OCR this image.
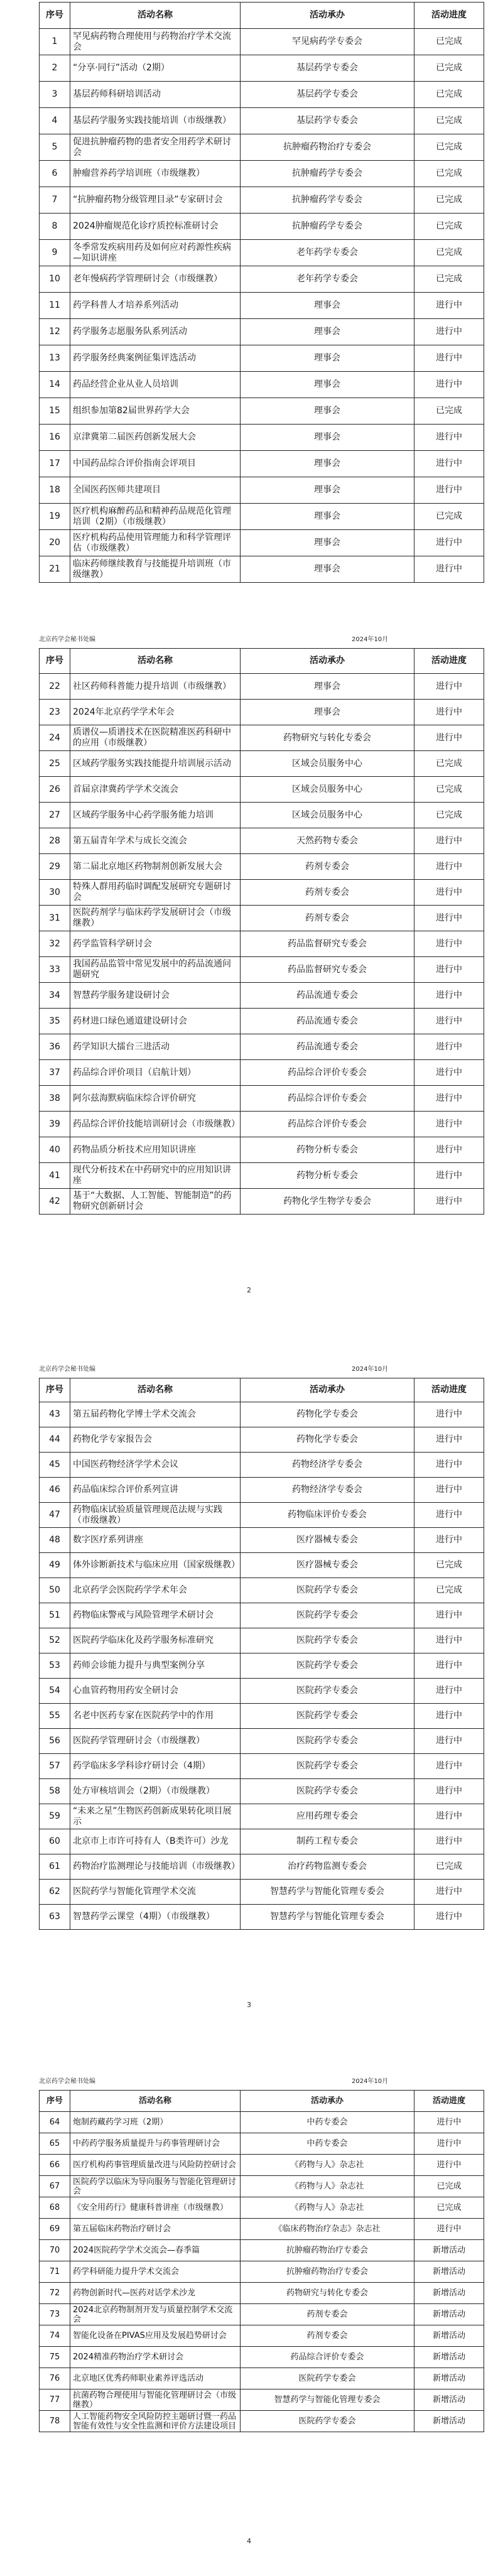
序号	活动名称	活动承办	活动进度
1	罕见病药物合理使用与药物治疗学术交流会	罕见病药学专委会	已完成
2	“分享·同行”活动（2期）	基层药学专委会	已完成
3	基层药师科研培训活动	基层药学专委会	已完成
4	基层药学服务实践技能培训（市级继教）	基层药学专委会	已完成
5	促进抗肿瘤药物的患者安全用药学术研讨会	抗肿瘤药物治疗专委会	已完成
6	肿瘤营养药学培训班（市级继教）	抗肿瘤药学专委会	已完成
7	“抗肿瘤药物分级管理目录”专家研讨会	抗肿瘤药学专委会	已完成
8	2024肿瘤规范化诊疗质控标准研讨会	抗肿瘤药学专委会	已完成
9	冬季常发疾病用药及如何应对药源性疾病—知识讲座	老年药学专委会	已完成
10	老年慢病药学管理研讨会（市级继教）	老年药学专委会	已完成
11	药学科普人才培养系列活动	理事会	进行中
12	药学服务志愿服务队系列活动	理事会	进行中
13	药学服务经典案例征集评选活动	理事会	进行中
14	药品经营企业从业人员培训	理事会	进行中
15	组织参加第82届世界药学大会	理事会	已完成
16	京津冀第二届医药创新发展大会	理事会	进行中
17	中国药品综合评价指南会评项目	理事会	进行中
18	全国医药医师共建项目	理事会	进行中
19	医疗机构麻醉药品和精神药品规范化管理培训（2期）（市级继教）	理事会	已完成
20	医疗机构药品使用管理能力和科学管理评估（市级继教）	理事会	进行中
21	临床药师继续教育与技能提升培训班（市级继教）	理事会	进行中
北京药学会秘书处编	2024年10月
序号	活动名称	活动承办	活动进度
22	社区药师科普能力提升培训（市级继教）	理事会	进行中
23	2024年北京药学学术年会	理事会	进行中
24	质谱仪—质谱技术在医院精准医药科研中的应用（市级继教）	药物研究与转化专委会	进行中
25	区域药学服务实践技能提升培训展示活动	区域会员服务中心	已完成
26	首届京津冀药学学术交流会	区域会员服务中心	已完成
27	区域药学服务中心药学服务能力培训	区域会员服务中心	已完成
28	第五届青年学术与成长交流会	天然药物专委会	进行中
29	第二届北京地区药物制剂创新发展大会	药剂专委会	进行中
30	特殊人群用药临时调配发展研究专题研讨会	药剂专委会	进行中
31	医院药剂学与临床药学发展研讨会（市级继教）	药剂专委会	进行中
32	药学监管科学研讨会	药品监督研究专委会	进行中
33	我国药品监管中常见发展中的药品流通问题研究	药品监督研究专委会	进行中
34	智慧药学服务建设研讨会	药品流通专委会	进行中
35	药材进口绿色通道建设研讨会	药品流通专委会	进行中
36	药学知识大擂台三进活动	药品流通专委会	进行中
37	药品综合评价项目（启航计划）	药品综合评价专委会	进行中
38	阿尔兹海默病临床综合评价研究	药品综合评价专委会	进行中
39	药品综合评价技能培训研讨会（市级继教）	药品综合评价专委会	进行中
40	药物品质分析技术应用知识讲座	药物分析专委会	进行中
41	现代分析技术在中药研究中的应用知识讲座	药物分析专委会	进行中
42	基于“大数据、人工智能、智能制造”的药物研究创新研讨会	药物化学生物学专委会	进行中
2
北京药学会秘书处编	2024年10月
序号	活动名称	活动承办	活动进度
43	第五届药物化学博士学术交流会	药物化学专委会	进行中
44	药物化学专家报告会	药物化学专委会	进行中
45	中国医药物经济学学术会议	药物经济学专委会	进行中
46	药品临床综合评价系列宣讲	药物经济学专委会	进行中
47	药物临床试验质量管理规范法规与实践（市级继教）	药物临床评价专委会	进行中
48	数字医疗系列讲座	医疗器械专委会	进行中
49	体外诊断新技术与临床应用（国家级继教）	医疗器械专委会	已完成
50	北京药学会医院药学学术年会	医院药学专委会	已完成
51	药物临床警戒与风险管理学术研讨会	医院药学专委会	进行中
52	医院药学临床化及药学服务标准研究	医院药学专委会	进行中
53	药师会诊能力提升与典型案例分享	医院药学专委会	进行中
54	心血管药物用药安全研讨会	医院药学专委会	进行中
55	名老中医药专家在医院药学中的作用	医院药学专委会	进行中
56	医院药学管理研讨会（市级继教）	医院药学专委会	进行中
57	药学临床多学科诊疗研讨会（4期）	医院药学专委会	进行中
58	处方审核培训会（2期）（市级继教）	医院药学专委会	进行中
59	“未来之星”生物医药创新成果转化项目展示	应用药理专委会	进行中
60	北京市上市许可持有人（B类许可）沙龙	制药工程专委会	进行中
61	药物治疗监测理论与技能培训（市级继教）	治疗药物监测专委会	已完成
62	医院药学与智能化管理学术交流	智慧药学与智能化管理专委会	进行中
63	智慧药学云课堂（4期）（市级继教）	智慧药学与智能化管理专委会	进行中
3
北京药学会秘书处编	2024年10月
序号	活动名称	活动承办	活动进度
64	炮制药藏药学习班（2期）	中药专委会	进行中
65	中药药学服务质量提升与药事管理研讨会	中药专委会	进行中
66	医疗机构药事管理质量改进与风险防控研讨会	《药物与人》杂志社	进行中
67	医院药学以临床为导向服务与智能化管理研讨会	《药物与人》杂志社	已完成
68	《安全用药行》健康科普讲座（市级继教）	《药物与人》杂志社	已完成
69	第五届临床药物治疗研讨会	《临床药物治疗杂志》杂志社	进行中
70	2024医院药学学术交流会—春季篇	抗肿瘤药物治疗专委会	新增活动
71	药学科研能力提升学术交流会	抗肿瘤药物治疗专委会	新增活动
72	药物创新时代—医药对话学术沙龙	药物研究与转化专委会	新增活动
73	2024北京药物制剂开发与质量控制学术交流会	药剂专委会	新增活动
74	智能化设备在PIVAS应用及发展趋势研讨会	药剂专委会	新增活动
75	2024精准药物治疗学术研讨会	药品综合评价专委会	新增活动
76	北京地区优秀药师职业素养评选活动	医院药学专委会	新增活动
77	抗菌药物合理使用与智能化管理研讨会（市级继教）	智慧药学与智能化管理专委会	新增活动
78	人工智能药物安全风险防控主题研讨暨一药品智能有效性与安全性监测和评价方法建设项目	医院药学专委会	新增活动
4
